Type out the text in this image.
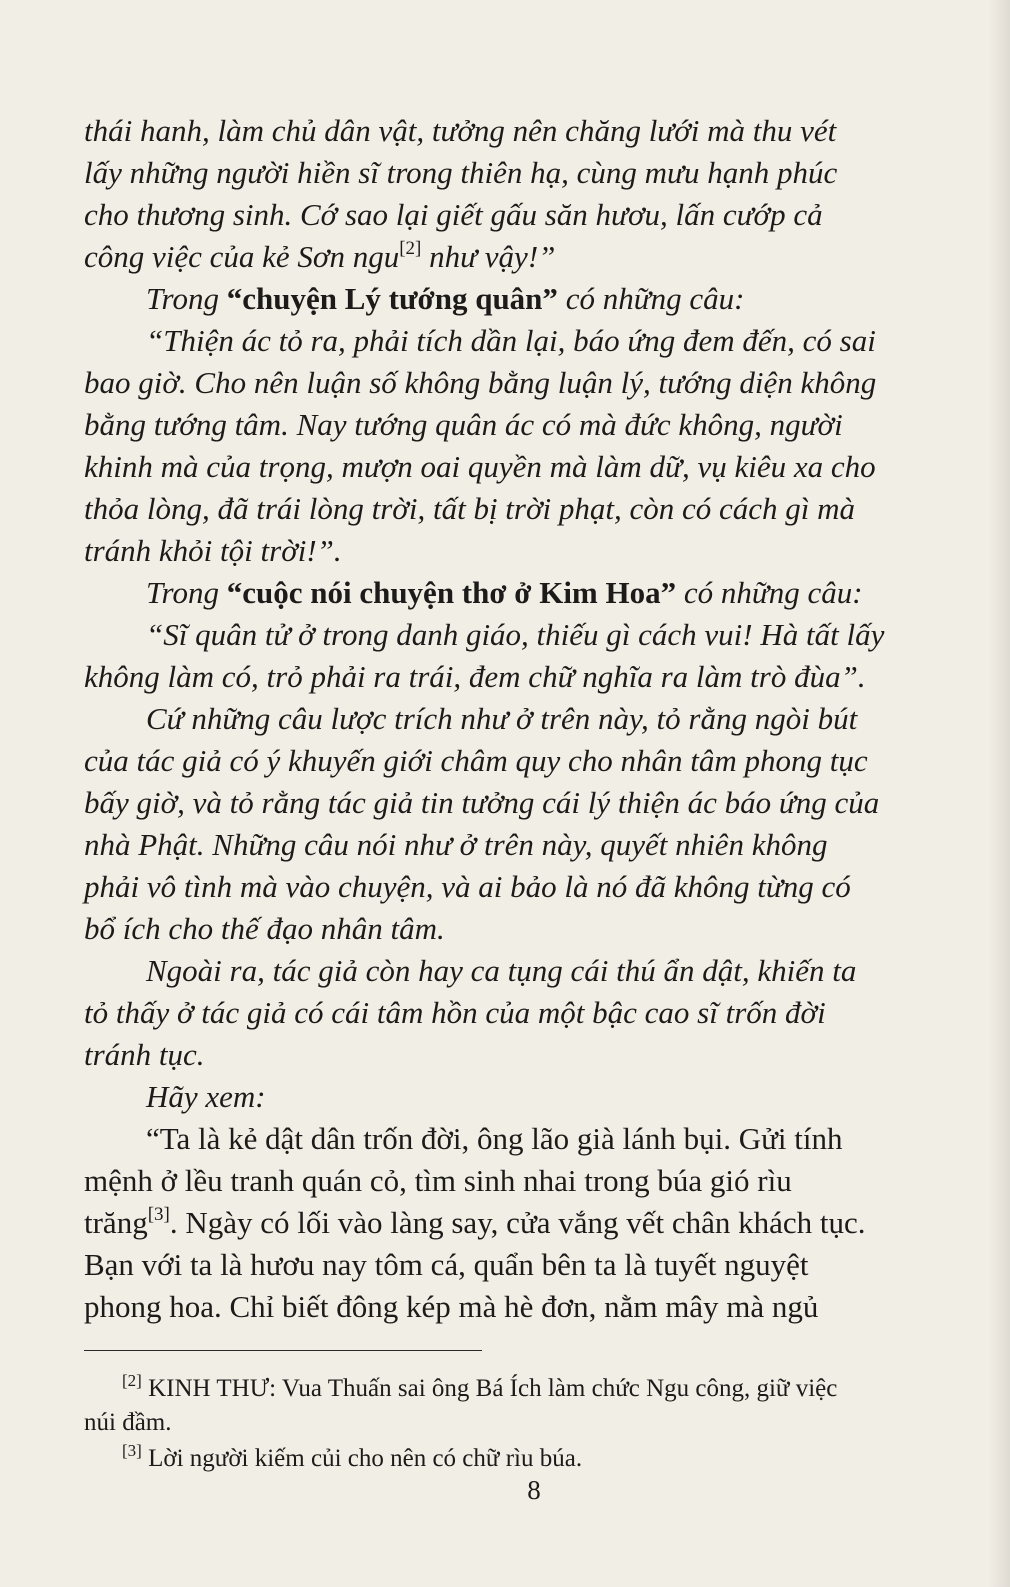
thái hanh, làm chủ dân vật, tưởng nên chăng lưới mà thu vét
lấy những người hiền sĩ trong thiên hạ, cùng mưu hạnh phúc
cho thương sinh. Cớ sao lại giết gấu săn hươu, lấn cướp cả
công việc của kẻ Sơn ngu[2] như vậy!”
Trong “chuyện Lý tướng quân” có những câu:
“Thiện ác tỏ ra, phải tích dần lại, báo ứng đem đến, có sai
bao giờ. Cho nên luận số không bằng luận lý, tướng diện không
bằng tướng tâm. Nay tướng quân ác có mà đức không, người
khinh mà của trọng, mượn oai quyền mà làm dữ, vụ kiêu xa cho
thỏa lòng, đã trái lòng trời, tất bị trời phạt, còn có cách gì mà
tránh khỏi tội trời!”.
Trong “cuộc nói chuyện thơ ở Kim Hoa” có những câu:
“Sĩ quân tử ở trong danh giáo, thiếu gì cách vui! Hà tất lấy
không làm có, trỏ phải ra trái, đem chữ nghĩa ra làm trò đùa”.
Cứ những câu lược trích như ở trên này, tỏ rằng ngòi bút
của tác giả có ý khuyến giới châm quy cho nhân tâm phong tục
bấy giờ, và tỏ rằng tác giả tin tưởng cái lý thiện ác báo ứng của
nhà Phật. Những câu nói như ở trên này, quyết nhiên không
phải vô tình mà vào chuyện, và ai bảo là nó đã không từng có
bổ ích cho thế đạo nhân tâm.
Ngoài ra, tác giả còn hay ca tụng cái thú ẩn dật, khiến ta
tỏ thấy ở tác giả có cái tâm hồn của một bậc cao sĩ trốn đời
tránh tục.
Hãy xem:
“Ta là kẻ dật dân trốn đời, ông lão già lánh bụi. Gửi tính
mệnh ở lều tranh quán cỏ, tìm sinh nhai trong búa gió rìu
trăng[3]. Ngày có lối vào làng say, cửa vắng vết chân khách tục.
Bạn với ta là hươu nay tôm cá, quẩn bên ta là tuyết nguyệt
phong hoa. Chỉ biết đông kép mà hè đơn, nằm mây mà ngủ
[2] KINH THƯ: Vua Thuấn sai ông Bá Ích làm chức Ngu công, giữ việc
núi đầm.
[3] Lời người kiếm củi cho nên có chữ rìu búa.
8
